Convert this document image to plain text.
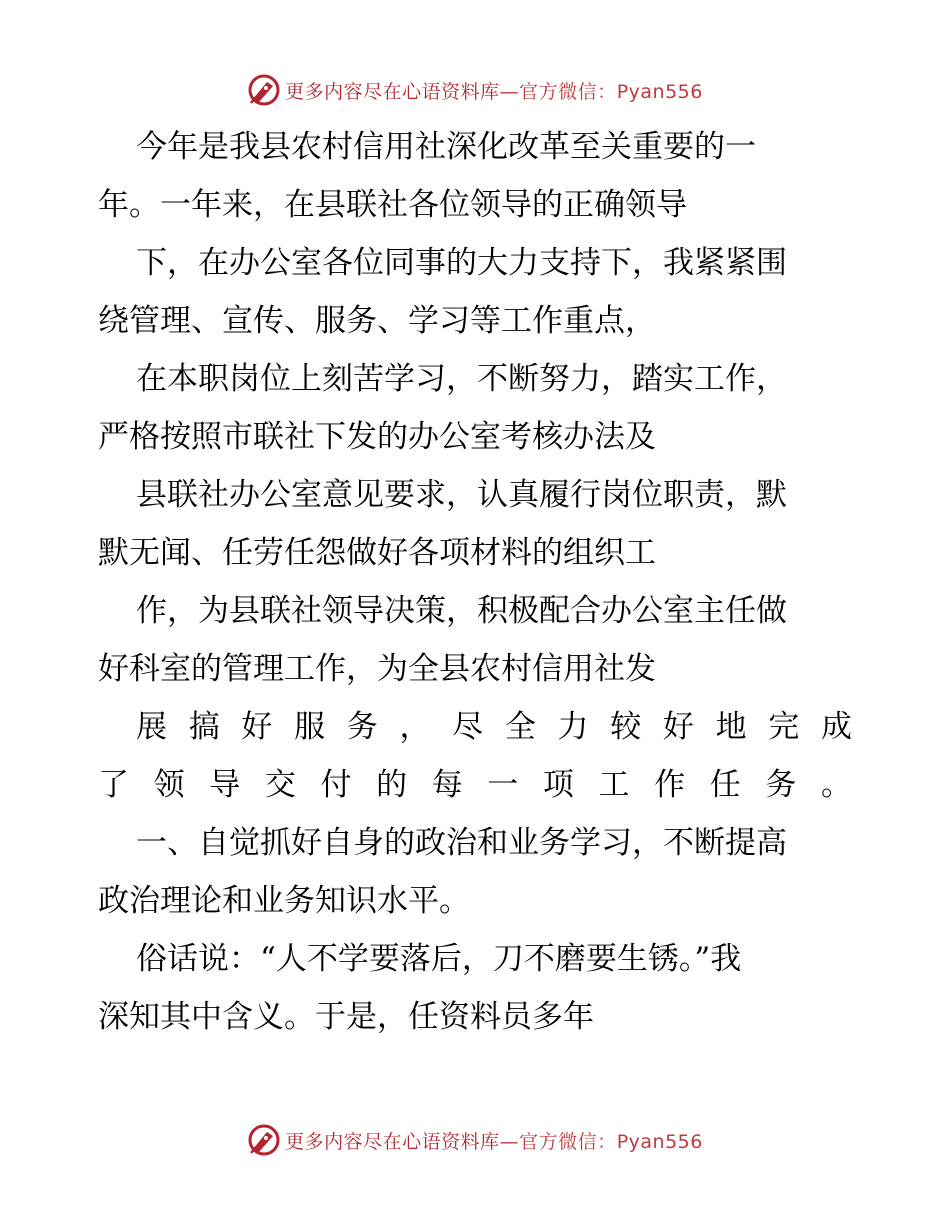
更多内容尽在心语资料库—官方微信：Pyan556

今年是我县农村信用社深化改革至关重要的一

年。一年来，在县联社各位领导的正确领导

下，在办公室各位同事的大力支持下，我紧紧围

绕管理、宣传、服务、学习等工作重点，

在本职岗位上刻苦学习，不断努力，踏实工作，

严格按照市联社下发的办公室考核办法及

县联社办公室意见要求，认真履行岗位职责，默

默无闻、任劳任怨做好各项材料的组织工

作，为县联社领导决策，积极配合办公室主任做

好科室的管理工作，为全县农村信用社发

展搞好服务，尽全力较好地完成

了领导交付的每一项工作任务。

一、自觉抓好自身的政治和业务学习，不断提高

政治理论和业务知识水平。

俗话说：“人不学要落后，刀不磨要生锈。”我

深知其中含义。于是，任资料员多年

更多内容尽在心语资料库—官方微信：Pyan556
